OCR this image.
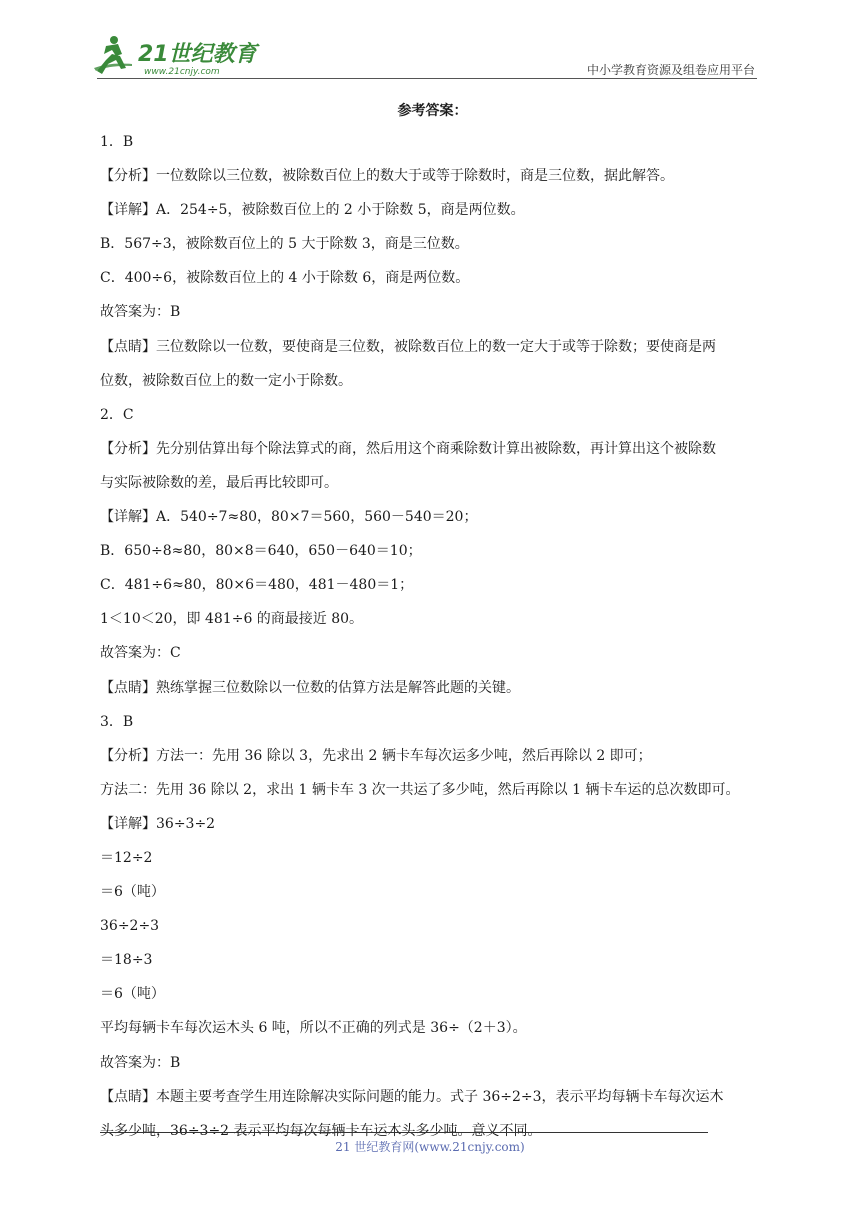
21世纪教育
www.21cnjy.com	中小学教育资源及组卷应用平台
参考答案：
1．B
【分析】一位数除以三位数，被除数百位上的数大于或等于除数时，商是三位数，据此解答。
【详解】A．254÷5，被除数百位上的 2 小于除数 5，商是两位数。
B．567÷3，被除数百位上的 5 大于除数 3，商是三位数。
C．400÷6，被除数百位上的 4 小于除数 6，商是两位数。
故答案为：B
【点睛】三位数除以一位数，要使商是三位数，被除数百位上的数一定大于或等于除数；要使商是两
位数，被除数百位上的数一定小于除数。
2．C
【分析】先分别估算出每个除法算式的商，然后用这个商乘除数计算出被除数，再计算出这个被除数
与实际被除数的差，最后再比较即可。
【详解】A．540÷7≈80，80×7＝560，560－540＝20；
B．650÷8≈80，80×8＝640，650－640＝10；
C．481÷6≈80，80×6＝480，481－480＝1；
1＜10＜20，即 481÷6 的商最接近 80。
故答案为：C
【点睛】熟练掌握三位数除以一位数的估算方法是解答此题的关键。
3．B
【分析】方法一：先用 36 除以 3，先求出 2 辆卡车每次运多少吨，然后再除以 2 即可；
方法二：先用 36 除以 2，求出 1 辆卡车 3 次一共运了多少吨，然后再除以 1 辆卡车运的总次数即可。
【详解】36÷3÷2
＝12÷2
＝6（吨）
36÷2÷3
＝18÷3
＝6（吨）
平均每辆卡车每次运木头 6 吨，所以不正确的列式是 36÷（2＋3）。
故答案为：B
【点睛】本题主要考查学生用连除解决实际问题的能力。式子 36÷2÷3，表示平均每辆卡车每次运木
头多少吨，36÷3÷2 表示平均每次每辆卡车运木头多少吨。意义不同。
21 世纪教育网(www.21cnjy.com)
